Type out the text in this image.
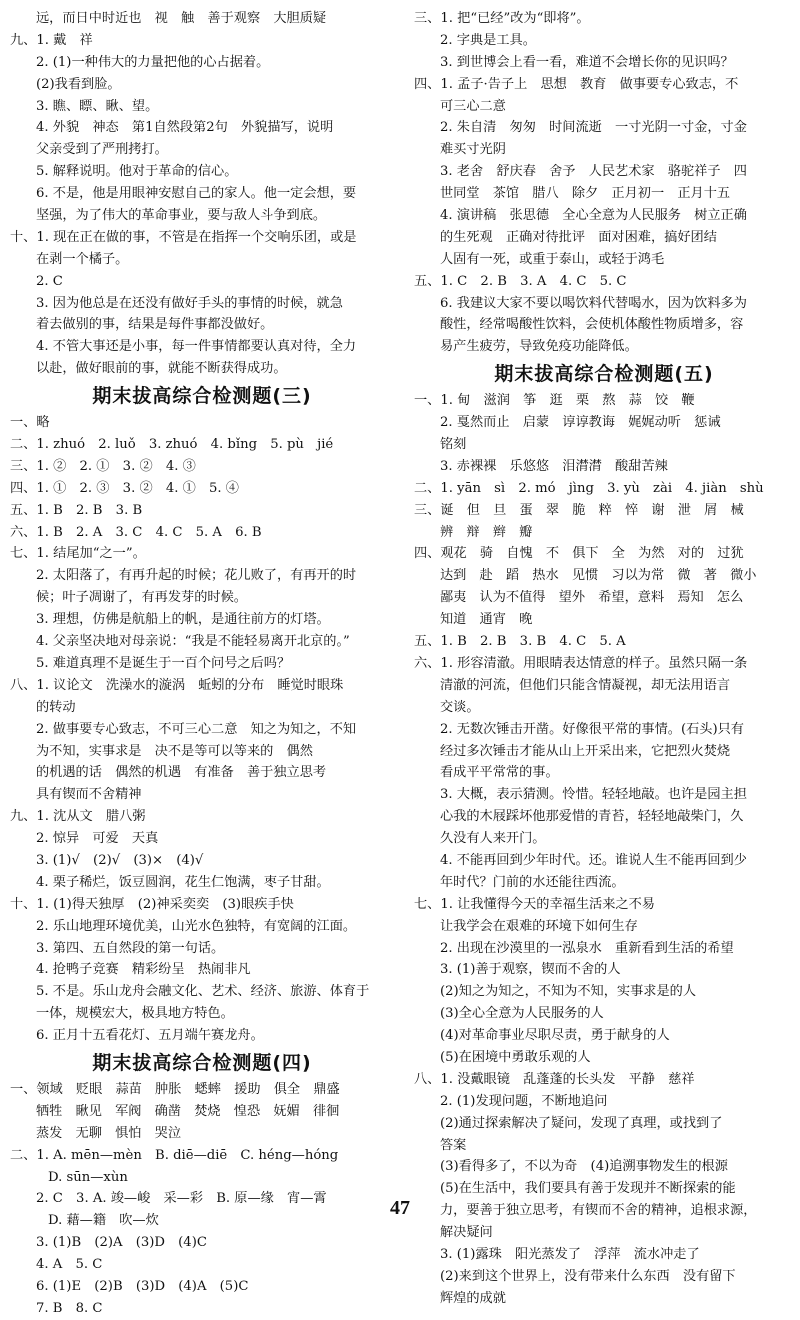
远，而日中时近也　视　触　善于观察　大胆质疑
九、1. 戴　祥
2. (1)一种伟大的力量把他的心占据着。
(2)我看到脸。
3. 瞧、瞟、瞅、望。
4. 外貌　神态　第1自然段第2句　外貌描写，说明
父亲受到了严刑拷打。
5. 解释说明。他对于革命的信心。
6. 不是，他是用眼神安慰自己的家人。他一定会想，要
坚强，为了伟大的革命事业，要与敌人斗争到底。
十、1. 现在正在做的事，不管是在指挥一个交响乐团，或是
在剥一个橘子。
2. C
3. 因为他总是在还没有做好手头的事情的时候，就急
着去做别的事，结果是每件事都没做好。
4. 不管大事还是小事，每一件事情都要认真对待，全力
以赴，做好眼前的事，就能不断获得成功。
期末拔高综合检测题(三)
一、略
二、1. zhuó　2. luǒ　3. zhuó　4. bǐng　5. pù　jié
三、1. ②　2. ①　3. ②　4. ③
四、1. ①　2. ③　3. ②　4. ①　5. ④
五、1. B　2. B　3. B
六、1. B　2. A　3. C　4. C　5. A　6. B
七、1. 结尾加“之一”。
2. 太阳落了，有再升起的时候；花儿败了，有再开的时
候；叶子凋谢了，有再发芽的时候。
3. 理想，仿佛是航船上的帆，是通往前方的灯塔。
4. 父亲坚决地对母亲说：“我是不能轻易离开北京的。”
5. 难道真理不是诞生于一百个问号之后吗？
八、1. 议论文　洗澡水的漩涡　蚯蚓的分布　睡觉时眼珠
的转动
2. 做事要专心致志，不可三心二意　知之为知之，不知
为不知，实事求是　决不是等可以等来的　偶然
的机遇的话　偶然的机遇　有准备　善于独立思考
具有锲而不舍精神
九、1. 沈从文　腊八粥
2. 惊异　可爱　天真
3. (1)√　(2)√　(3)×　(4)√
4. 栗子稀烂，饭豆圆润，花生仁饱满，枣子甘甜。
十、1. (1)得天独厚　(2)神采奕奕　(3)眼疾手快
2. 乐山地理环境优美，山光水色独特，有宽阔的江面。
3. 第四、五自然段的第一句话。
4. 抢鸭子竞赛　精彩纷呈　热闹非凡
5. 不是。乐山龙舟会融文化、艺术、经济、旅游、体育于
一体，规模宏大，极具地方特色。
6. 正月十五看花灯、五月端午赛龙舟。
期末拔高综合检测题(四)
一、领域　贬眼　蒜苗　肿胀　蟋蟀　援助　俱全　鼎盛
牺牲　瞅见　军阀　确凿　焚烧　惶恐　妩媚　徘徊
蒸发　无聊　惧怕　哭泣
二、1. A. mēn—mèn　B. diē—diē　C. héng—hóng
D. sūn—xùn
2. C　3. A. 竣—峻　采—彩　B. 原—缘　宵—霄
D. 藉—籍　吹—炊
3. (1)B　(2)A　(3)D　(4)C
4. A　5. C
6. (1)E　(2)B　(3)D　(4)A　(5)C
7. B　8. C
三、1. 把“已经”改为“即将”。
2. 字典是工具。
3. 到世博会上看一看，难道不会增长你的见识吗？
四、1. 孟子·告子上　思想　教育　做事要专心致志，不
可三心二意
2. 朱自清　匆匆　时间流逝　一寸光阴一寸金，寸金
难买寸光阴
3. 老舍　舒庆春　舍予　人民艺术家　骆驼祥子　四
世同堂　茶馆　腊八　除夕　正月初一　正月十五
4. 演讲稿　张思德　全心全意为人民服务　树立正确
的生死观　正确对待批评　面对困难，搞好团结
人固有一死，或重于泰山，或轻于鸿毛
五、1. C　2. B　3. A　4. C　5. C
6. 我建议大家不要以喝饮料代替喝水，因为饮料多为
酸性，经常喝酸性饮料，会使机体酸性物质增多，容
易产生疲劳，导致免疫功能降低。
期末拔高综合检测题(五)
一、1. 甸　滋润　筝　逛　栗　熬　蒜　饺　鞭
2. 戛然而止　启蒙　谆谆教诲　娓娓动听　惩诫
铭刻
3. 赤裸裸　乐悠悠　泪潸潸　酸甜苦辣
二、1. yān　sì　2. mó　jìng　3. yù　zài　4. jiàn　shù
三、诞　但　旦　蛋　翠　脆　粹　悴　谢　泄　屑　械
辨　辩　辫　瓣
四、观花　骑　自愧　不　俱下　全　为然　对的　过犹
达到　赴　蹈　热水　见惯　习以为常　微　著　微小
鄙夷　认为不值得　望外　希望，意料　焉知　怎么
知道　通宵　晚
五、1. B　2. B　3. B　4. C　5. A
六、1. 形容清澈。用眼睛表达情意的样子。虽然只隔一条
清澈的河流，但他们只能含情凝视，却无法用语言
交谈。
2. 无数次锤击开凿。好像很平常的事情。(石头)只有
经过多次锤击才能从山上开采出来，它把烈火焚烧
看成平平常常的事。
3. 大概，表示猜测。怜惜。轻轻地敲。也许是园主担
心我的木屐踩坏他那爱惜的青苔，轻轻地敲柴门，久
久没有人来开门。
4. 不能再回到少年时代。还。谁说人生不能再回到少
年时代？门前的水还能往西流。
七、1. 让我懂得今天的幸福生活来之不易
让我学会在艰难的环境下如何生存
2. 出现在沙漠里的一泓泉水　重新看到生活的希望
3. (1)善于观察，锲而不舍的人
(2)知之为知之，不知为不知，实事求是的人
(3)全心全意为人民服务的人
(4)对革命事业尽职尽责，勇于献身的人
(5)在困境中勇敢乐观的人
八、1. 没戴眼镜　乱蓬蓬的长头发　平静　慈祥
2. (1)发现问题，不断地追问
(2)通过探索解决了疑问，发现了真理，或找到了
答案
(3)看得多了，不以为奇　(4)追溯事物发生的根源
(5)在生活中，我们要具有善于发现并不断探索的能
力，要善于独立思考，有锲而不舍的精神，追根求源，
解决疑问
3. (1)露珠　阳光蒸发了　浮萍　流水冲走了
(2)来到这个世界上，没有带来什么东西　没有留下
辉煌的成就
47
